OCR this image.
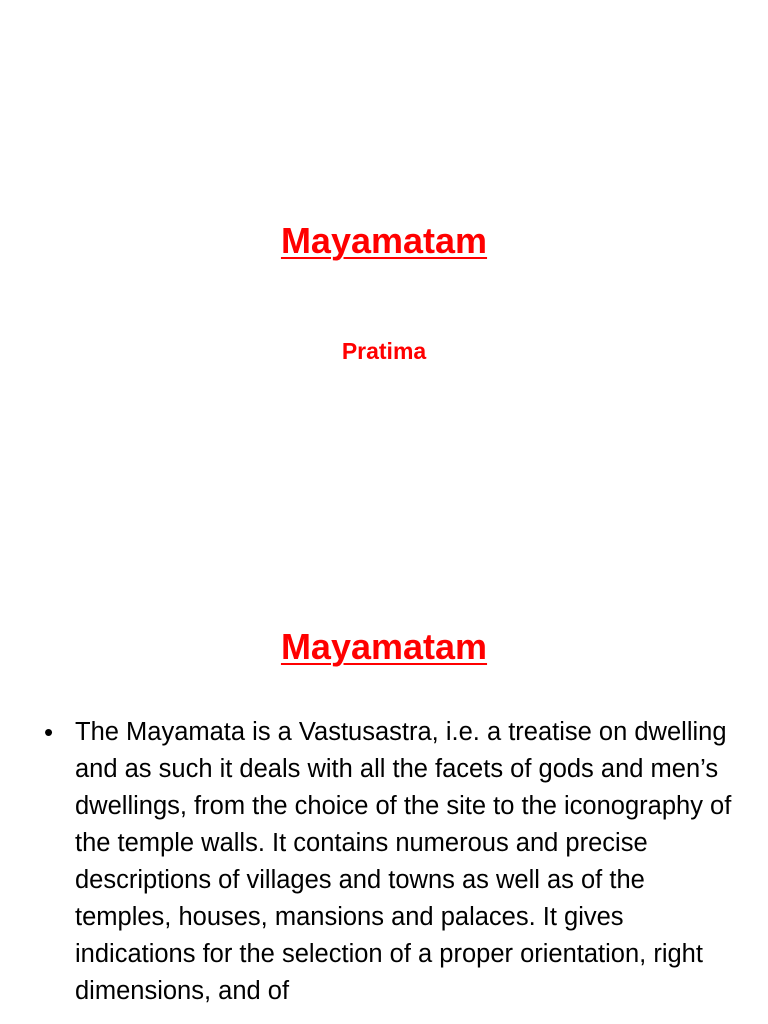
Mayamatam

Pratima

Mayamatam
• The Mayamata is a Vastusastra, i.e. a treatise on dwelling and as such it deals with all the facets of gods and men’s dwellings, from the choice of the site to the iconography of the temple walls. It contains numerous and precise descriptions of villages and towns as well as of the temples, houses, mansions and palaces. It gives indications for the selection of a proper orientation, right dimensions, and of
